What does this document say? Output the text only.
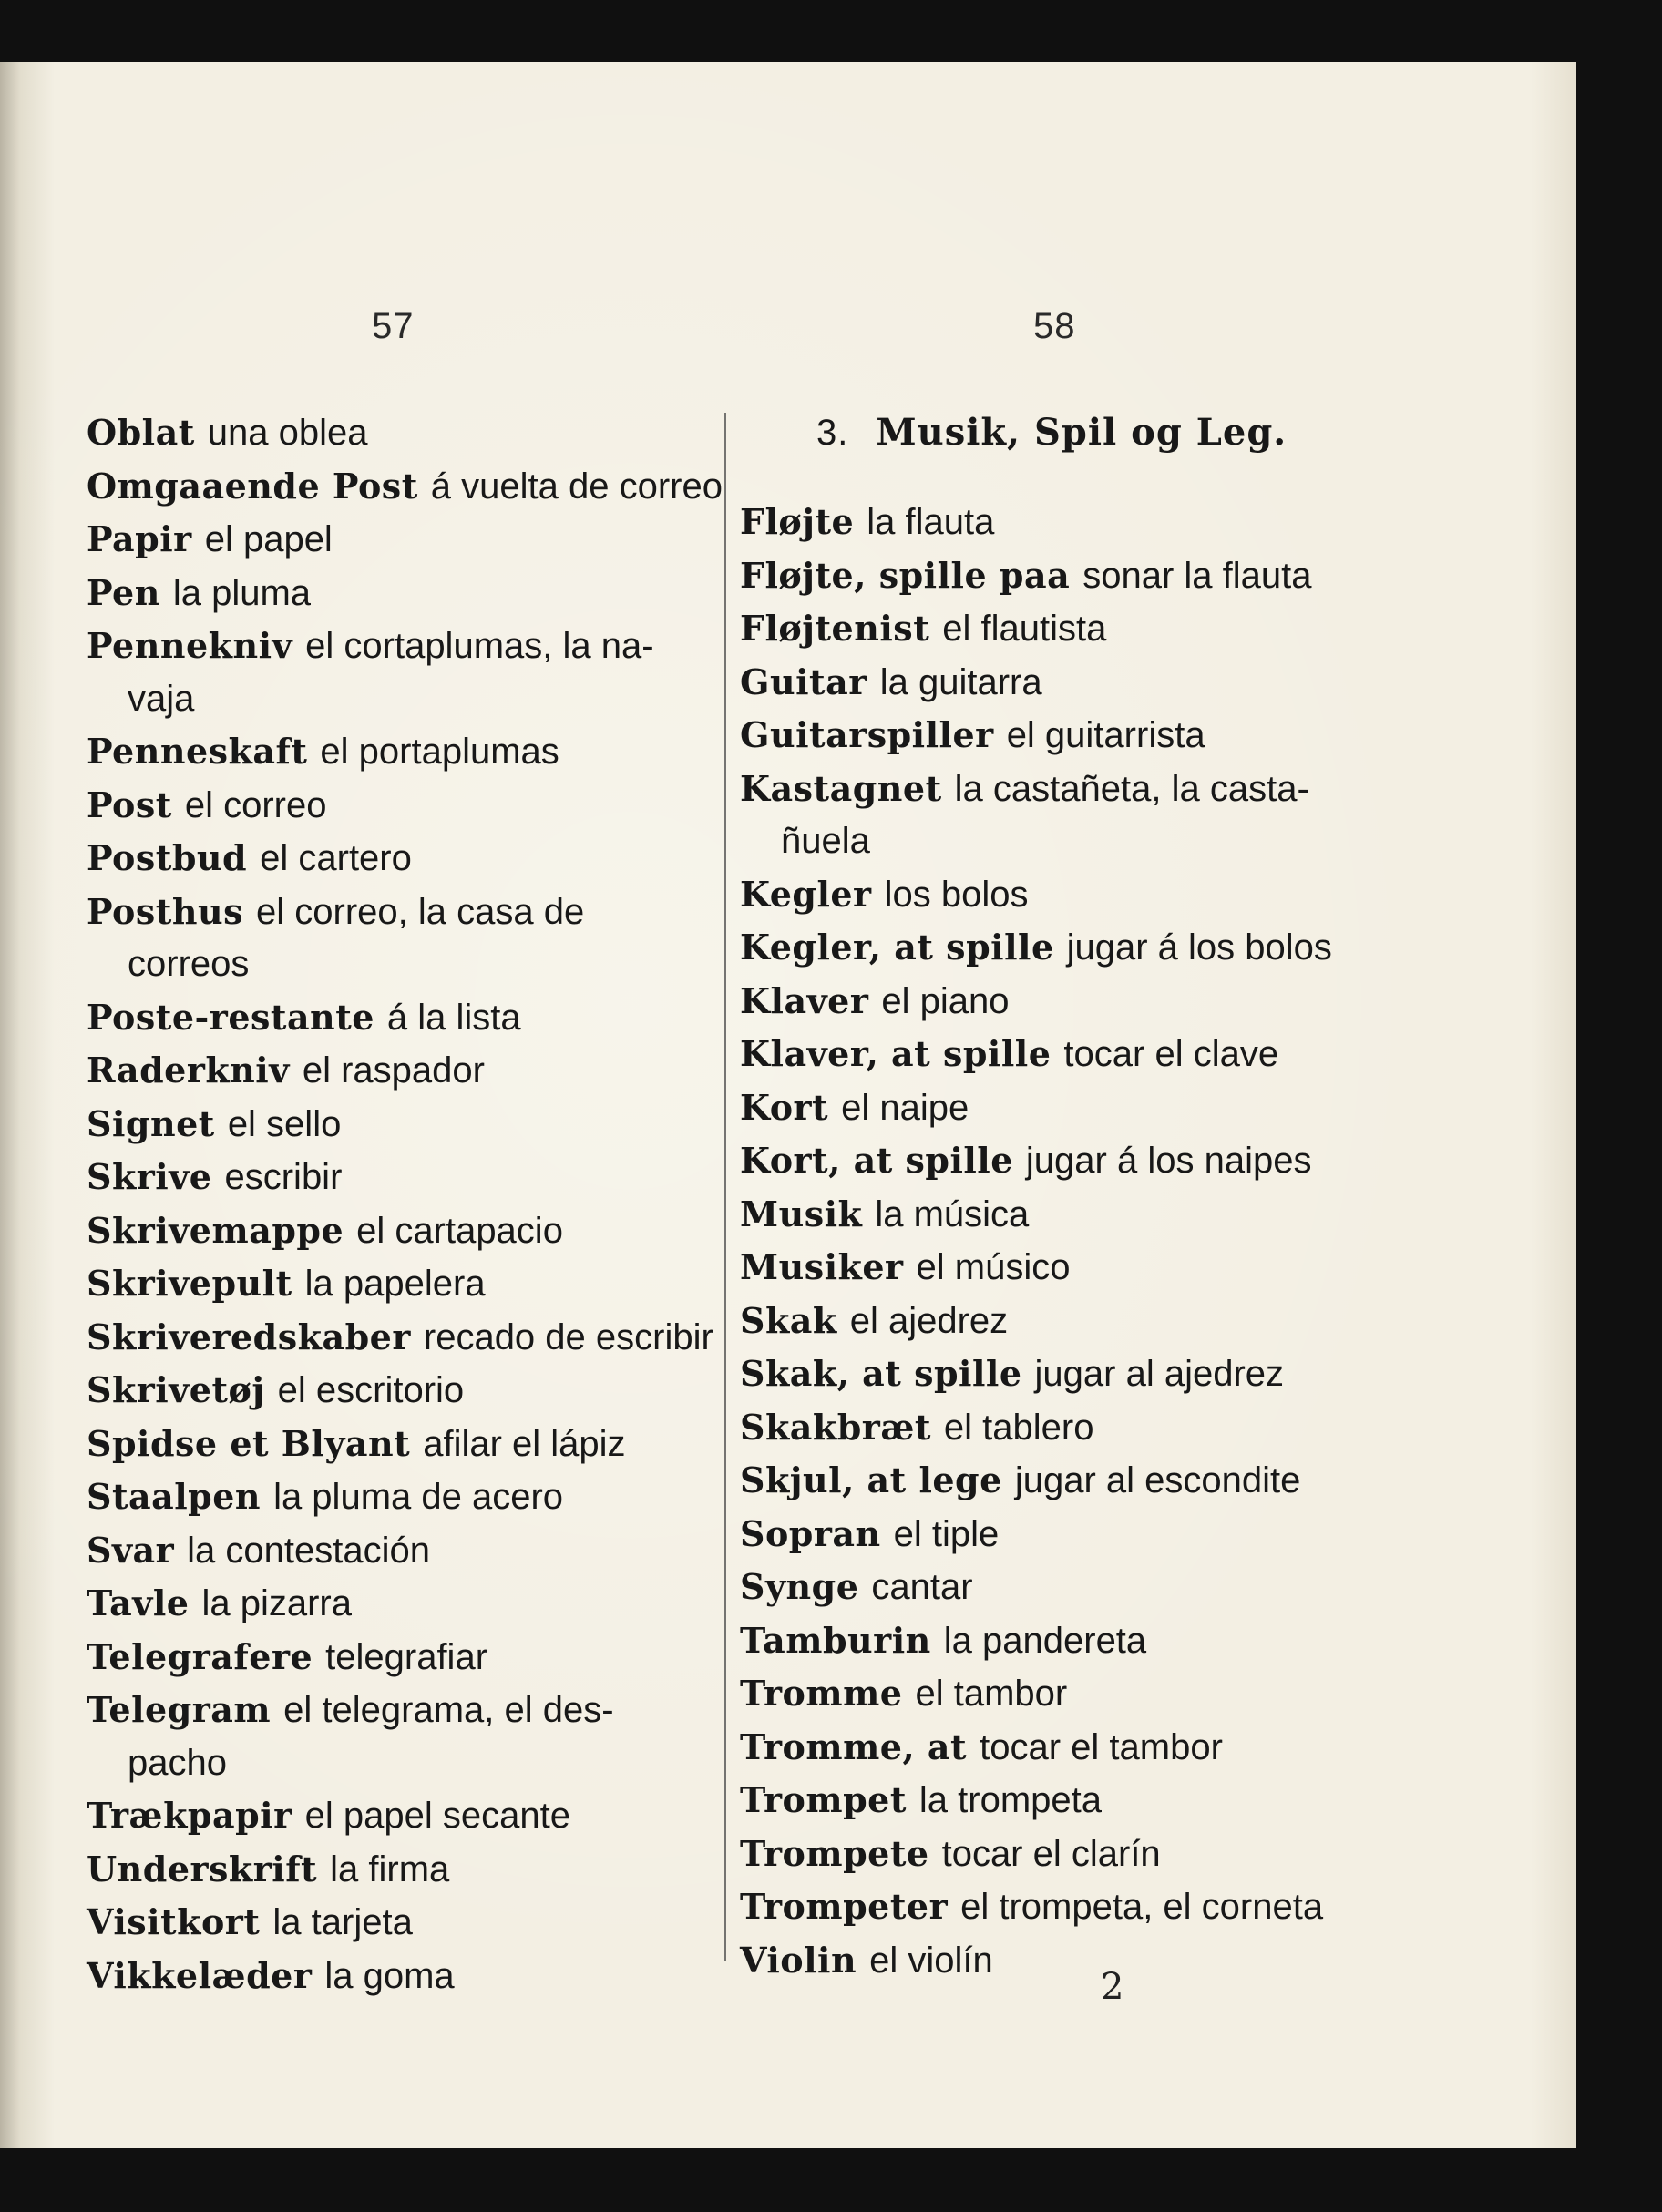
57	58
Oblat una oblea
Omgaaende Post á vuelta de correo
Papir el papel
Pen la pluma
Pennekniv el cortaplumas, la na-
vaja
Penneskaft el portaplumas
Post el correo
Postbud el cartero
Posthus el correo, la casa de
correos
Poste-restante á la lista
Raderkniv el raspador
Signet el sello
Skrive escribir
Skrivemappe el cartapacio
Skrivepult la papelera
Skriveredskaber recado de escribir
Skrivetøj el escritorio
Spidse et Blyant afilar el lápiz
Staalpen la pluma de acero
Svar la contestación
Tavle la pizarra
Telegrafere telegrafiar
Telegram el telegrama, el des-
pacho
Trækpapir el papel secante
Underskrift la firma
Visitkort la tarjeta
Vikkelæder la goma
3. Musik, Spil og Leg.
Fløjte la flauta
Fløjte, spille paa sonar la flauta
Fløjtenist el flautista
Guitar la guitarra
Guitarspiller el guitarrista
Kastagnet la castañeta, la casta-
ñuela
Kegler los bolos
Kegler, at spille jugar á los bolos
Klaver el piano
Klaver, at spille tocar el clave
Kort el naipe
Kort, at spille jugar á los naipes
Musik la música
Musiker el músico
Skak el ajedrez
Skak, at spille jugar al ajedrez
Skakbræt el tablero
Skjul, at lege jugar al escondite
Sopran el tiple
Synge cantar
Tamburin la pandereta
Tromme el tambor
Tromme, at tocar el tambor
Trompet la trompeta
Trompete tocar el clarín
Trompeter el trompeta, el corneta
Violin el violín
2
